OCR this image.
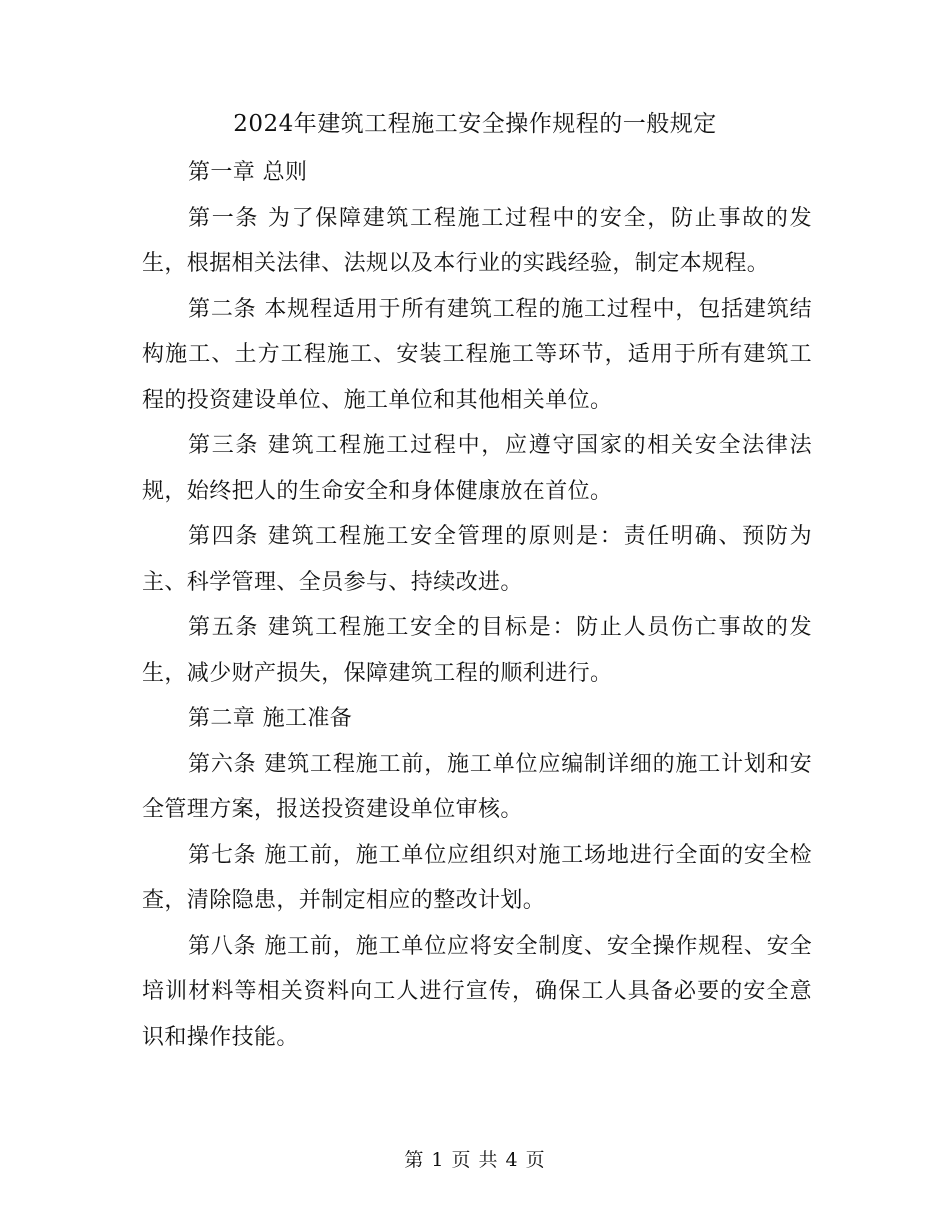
2024年建筑工程施工安全操作规程的一般规定

第一章 总则

第一条 为了保障建筑工程施工过程中的安全，防止事故的发生，根据相关法律、法规以及本行业的实践经验，制定本规程。

第二条 本规程适用于所有建筑工程的施工过程中，包括建筑结构施工、土方工程施工、安装工程施工等环节，适用于所有建筑工程的投资建设单位、施工单位和其他相关单位。

第三条 建筑工程施工过程中，应遵守国家的相关安全法律法规，始终把人的生命安全和身体健康放在首位。

第四条 建筑工程施工安全管理的原则是：责任明确、预防为主、科学管理、全员参与、持续改进。

第五条 建筑工程施工安全的目标是：防止人员伤亡事故的发生，减少财产损失，保障建筑工程的顺利进行。

第二章 施工准备

第六条 建筑工程施工前，施工单位应编制详细的施工计划和安全管理方案，报送投资建设单位审核。

第七条 施工前，施工单位应组织对施工场地进行全面的安全检查，清除隐患，并制定相应的整改计划。

第八条 施工前，施工单位应将安全制度、安全操作规程、安全培训材料等相关资料向工人进行宣传，确保工人具备必要的安全意识和操作技能。

第 1 页 共 4 页
